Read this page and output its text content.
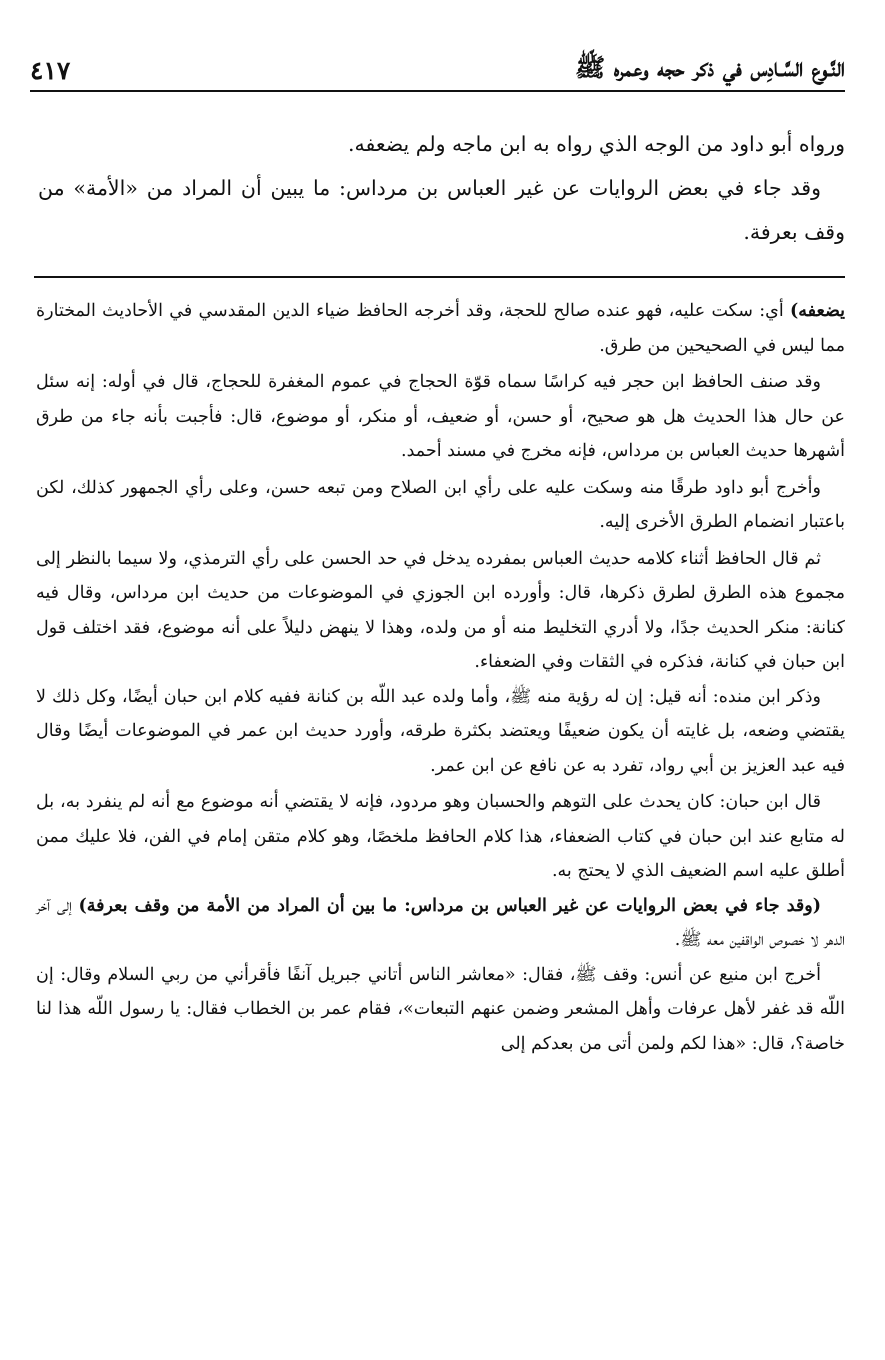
النَّـوع السَّـادِس في ذكر حجه وعمره ﷺ
٤١٧

ورواه أبو داود من الوجه الذي رواه به ابن ماجه ولم يضعفه.

وقد جاء في بعض الروايات عن غير العباس بن مرداس: ما يبين أن المراد من «الأمة» من وقف بعرفة.

يضعفه) أي: سكت عليه، فهو عنده صالح للحجة، وقد أخرجه الحافظ ضياء الدين المقدسي في الأحاديث المختارة مما ليس في الصحيحين من طرق.

وقد صنف الحافظ ابن حجر فيه كراسًا سماه قوّة الحجاج في عموم المغفرة للحجاج، قال في أوله: إنه سئل عن حال هذا الحديث هل هو صحيح، أو حسن، أو ضعيف، أو منكر، أو موضوع، قال: فأجبت بأنه جاء من طرق أشهرها حديث العباس بن مرداس، فإنه مخرج في مسند أحمد.

وأخرج أبو داود طرقًا منه وسكت عليه على رأي ابن الصلاح ومن تبعه حسن، وعلى رأي الجمهور كذلك، لكن باعتبار انضمام الطرق الأخرى إليه.

ثم قال الحافظ أثناء كلامه حديث العباس بمفرده يدخل في حد الحسن على رأي الترمذي، ولا سيما بالنظر إلى مجموع هذه الطرق لطرق ذكرها، قال: وأورده ابن الجوزي في الموضوعات من حديث ابن مرداس، وقال فيه كنانة: منكر الحديث جدًا، ولا أدري التخليط منه أو من ولده، وهذا لا ينهض دليلاً على أنه موضوع، فقد اختلف قول ابن حبان في كنانة، فذكره في الثقات وفي الضعفاء.

وذكر ابن منده: أنه قيل: إن له رؤية منه ﷺ، وأما ولده عبد اللّه بن كنانة ففيه كلام ابن حبان أيضًا، وكل ذلك لا يقتضي وضعه، بل غايته أن يكون ضعيفًا ويعتضد بكثرة طرقه، وأورد حديث ابن عمر في الموضوعات أيضًا وقال فيه عبد العزيز بن أبي رواد، تفرد به عن نافع عن ابن عمر.

قال ابن حبان: كان يحدث على التوهم والحسبان وهو مردود، فإنه لا يقتضي أنه موضوع مع أنه لم ينفرد به، بل له متابع عند ابن حبان في كتاب الضعفاء، هذا كلام الحافظ ملخصًا، وهو كلام متقن إمام في الفن، فلا عليك ممن أطلق عليه اسم الضعيف الذي لا يحتج به.

(وقد جاء في بعض الروايات عن غير العباس بن مرداس: ما بين أن المراد من الأمة من وقف بعرفة) إلى آخر الدهر لا خصوص الواقفين معه ﷺ.

أخرج ابن منيع عن أنس: وقف ﷺ، فقال: «معاشر الناس أتاني جبريل آنفًا فأقرأني من ربي السلام وقال: إن اللّه قد غفر لأهل عرفات وأهل المشعر وضمن عنهم التبعات»، فقام عمر بن الخطاب فقال: يا رسول اللّه هذا لنا خاصة؟، قال: «هذا لكم ولمن أتى من بعدكم إلى
